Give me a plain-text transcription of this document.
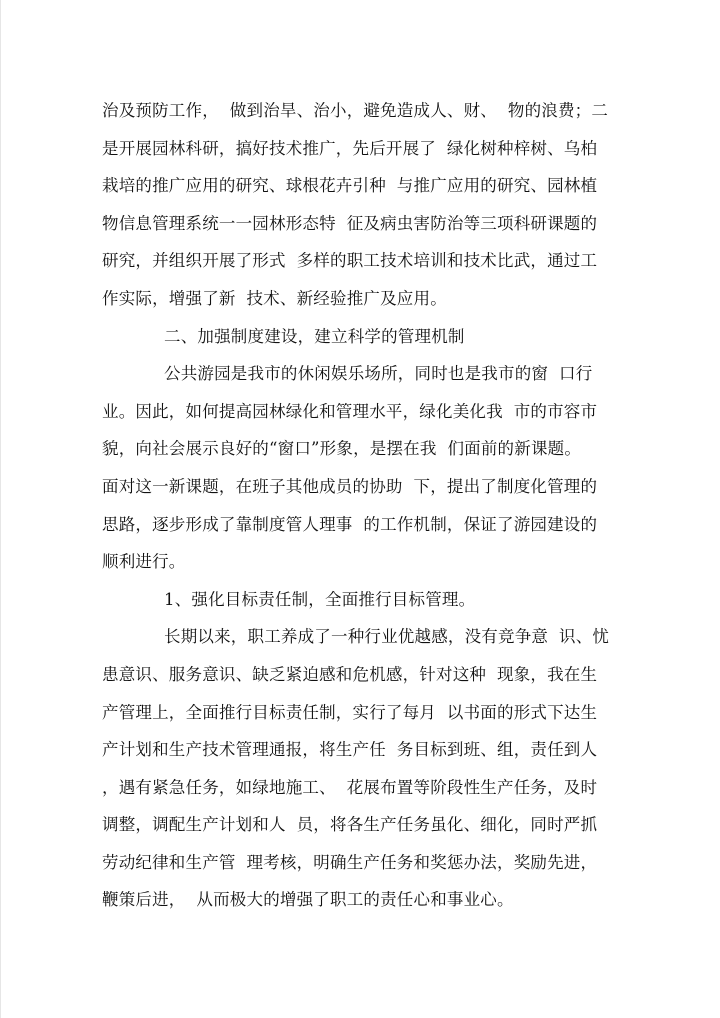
治及预防工作，  做到治旱、治小，避免造成人、财、  物的浪费；二
是开展园林科研，搞好技术推广，先后开展了  绿化树种梓树、乌柏
栽培的推广应用的研究、球根花卉引种  与推广应用的研究、园林植
物信息管理系统一一园林形态特  征及病虫害防治等三项科研课题的
研究，并组织开展了形式  多样的职工技术培训和技术比武，通过工
作实际，增强了新  技术、新经验推广及应用。
二、加强制度建设，建立科学的管理机制
公共游园是我市的休闲娱乐场所，同时也是我市的窗  口行
业。因此，如何提高园林绿化和管理水平，绿化美化我  市的市容市
貌，向社会展示良好的“窗口”形象，是摆在我  们面前的新课题。
面对这一新课题，在班子其他成员的协助  下，提出了制度化管理的
思路，逐步形成了靠制度管人理事  的工作机制，保证了游园建设的
顺利进行。
1、强化目标责任制，全面推行目标管理。
长期以来，职工养成了一种行业优越感，没有竞争意  识、忧
患意识、服务意识、缺乏紧迫感和危机感，针对这种  现象，我在生
产管理上，全面推行目标责任制，实行了每月  以书面的形式下达生
产计划和生产技术管理通报，将生产任  务目标到班、组，责任到人
，遇有紧急任务，如绿地施工、  花展布置等阶段性生产任务，及时
调整，调配生产计划和人  员，将各生产任务虽化、细化，同时严抓
劳动纪律和生产管  理考核，明确生产任务和奖惩办法，奖励先进，
鞭策后进，  从而极大的增强了职工的责任心和事业心。
